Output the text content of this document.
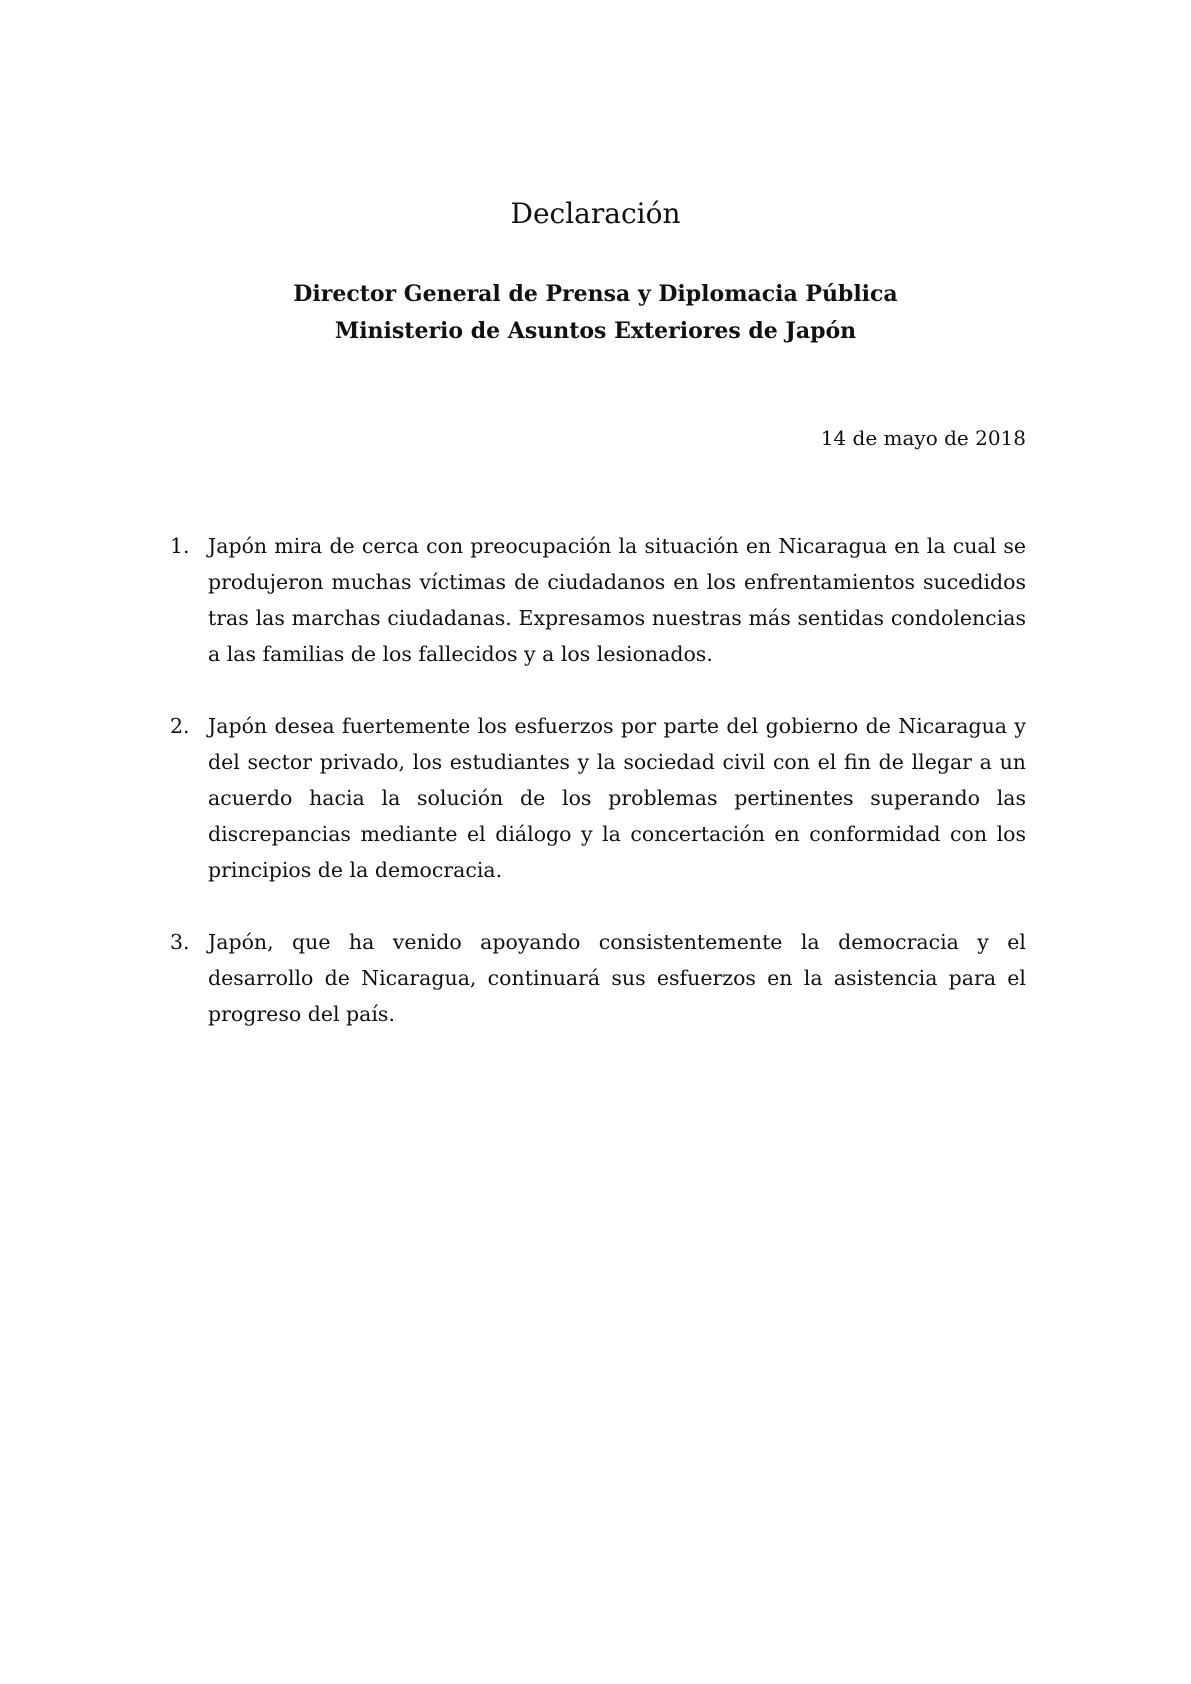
Declaración
Director General de Prensa y Diplomacia Pública
Ministerio de Asuntos Exteriores de Japón
14 de mayo de 2018
1. Japón mira de cerca con preocupación la situación en Nicaragua en la cual se produjeron muchas víctimas de ciudadanos en los enfrentamientos sucedidos tras las marchas ciudadanas. Expresamos nuestras más sentidas condolencias a las familias de los fallecidos y a los lesionados.
2. Japón desea fuertemente los esfuerzos por parte del gobierno de Nicaragua y del sector privado, los estudiantes y la sociedad civil con el fin de llegar a un acuerdo hacia la solución de los problemas pertinentes superando las discrepancias mediante el diálogo y la concertación en conformidad con los principios de la democracia.
3. Japón, que ha venido apoyando consistentemente la democracia y el desarrollo de Nicaragua, continuará sus esfuerzos en la asistencia para el progreso del país.
